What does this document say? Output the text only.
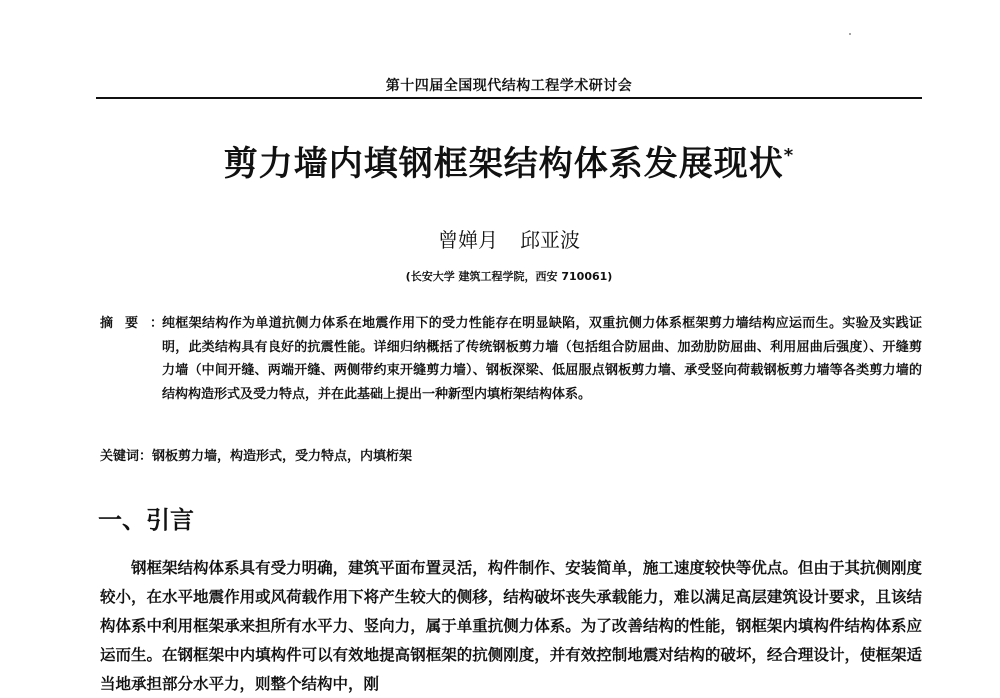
第十四届全国现代结构工程学术研讨会
剪力墙内填钢框架结构体系发展现状*
曾婵月 邱亚波
(长安大学 建筑工程学院，西安 710061)
摘要：
纯框架结构作为单道抗侧力体系在地震作用下的受力性能存在明显缺陷，双重抗侧力体系框架剪力墙结构应运而生。实验及实践证明，此类结构具有良好的抗震性能。详细归纳概括了传统钢板剪力墙（包括组合防屈曲、加劲肋防屈曲、利用屈曲后强度）、开缝剪力墙（中间开缝、两端开缝、两侧带约束开缝剪力墙）、钢板深梁、低屈服点钢板剪力墙、承受竖向荷载钢板剪力墙等各类剪力墙的结构构造形式及受力特点，并在此基础上提出一种新型内填桁架结构体系。
关键词：钢板剪力墙，构造形式，受力特点，内填桁架
一、引言
钢框架结构体系具有受力明确，建筑平面布置灵活，构件制作、安装简单，施工速度较快等优点。但由于其抗侧刚度较小，在水平地震作用或风荷载作用下将产生较大的侧移，结构破坏丧失承载能力，难以满足高层建筑设计要求，且该结构体系中利用框架承来担所有水平力、竖向力，属于单重抗侧力体系。为了改善结构的性能，钢框架内填构件结构体系应运而生。在钢框架中内填构件可以有效地提高钢框架的抗侧刚度，并有效控制地震对结构的破坏，经合理设计，使框架适当地承担部分水平力，则整个结构中，刚
